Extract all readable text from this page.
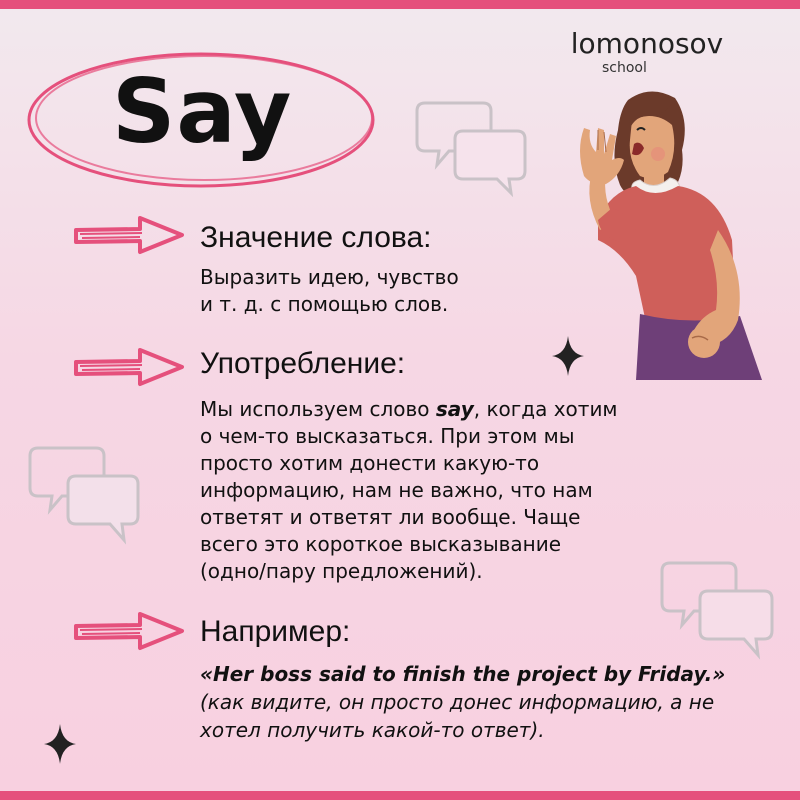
Say
lomonosov
school
Значение слова:
Выразить идею, чувство
и т. д. с помощью слов.
Употребление:
Мы используем слово say, когда хотим
о чем-то высказаться. При этом мы
просто хотим донести какую-то
информацию, нам не важно, что нам
ответят и ответят ли вообще. Чаще
всего это короткое высказывание
(одно/пару предложений).
Например:
«Her boss said to finish the project by Friday.» (как видите, он просто донес информацию, а не хотел получить какой-то ответ).
